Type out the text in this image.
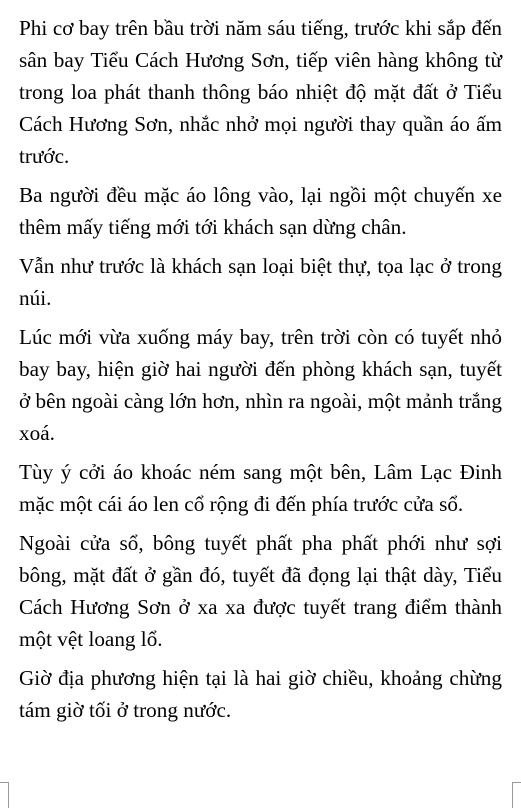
Phi cơ bay trên bầu trời năm sáu tiếng, trước khi sắp đến sân bay Tiểu Cách Hương Sơn, tiếp viên hàng không từ trong loa phát thanh thông báo nhiệt độ mặt đất ở Tiểu Cách Hương Sơn, nhắc nhở mọi người thay quần áo ấm trước.

Ba người đều mặc áo lông vào, lại ngồi một chuyến xe thêm mấy tiếng mới tới khách sạn dừng chân.

Vẫn như trước là khách sạn loại biệt thự, tọa lạc ở trong núi.

Lúc mới vừa xuống máy bay, trên trời còn có tuyết nhỏ bay bay, hiện giờ hai người đến phòng khách sạn, tuyết ở bên ngoài càng lớn hơn, nhìn ra ngoài, một mảnh trắng xoá.

Tùy ý cởi áo khoác ném sang một bên, Lâm Lạc Đinh mặc một cái áo len cổ rộng đi đến phía trước cửa sổ.

Ngoài cửa sổ, bông tuyết phất pha phất phới như sợi bông, mặt đất ở gần đó, tuyết đã đọng lại thật dày, Tiểu Cách Hương Sơn ở xa xa được tuyết trang điểm thành một vệt loang lổ.

Giờ địa phương hiện tại là hai giờ chiều, khoảng chừng tám giờ tối ở trong nước.
